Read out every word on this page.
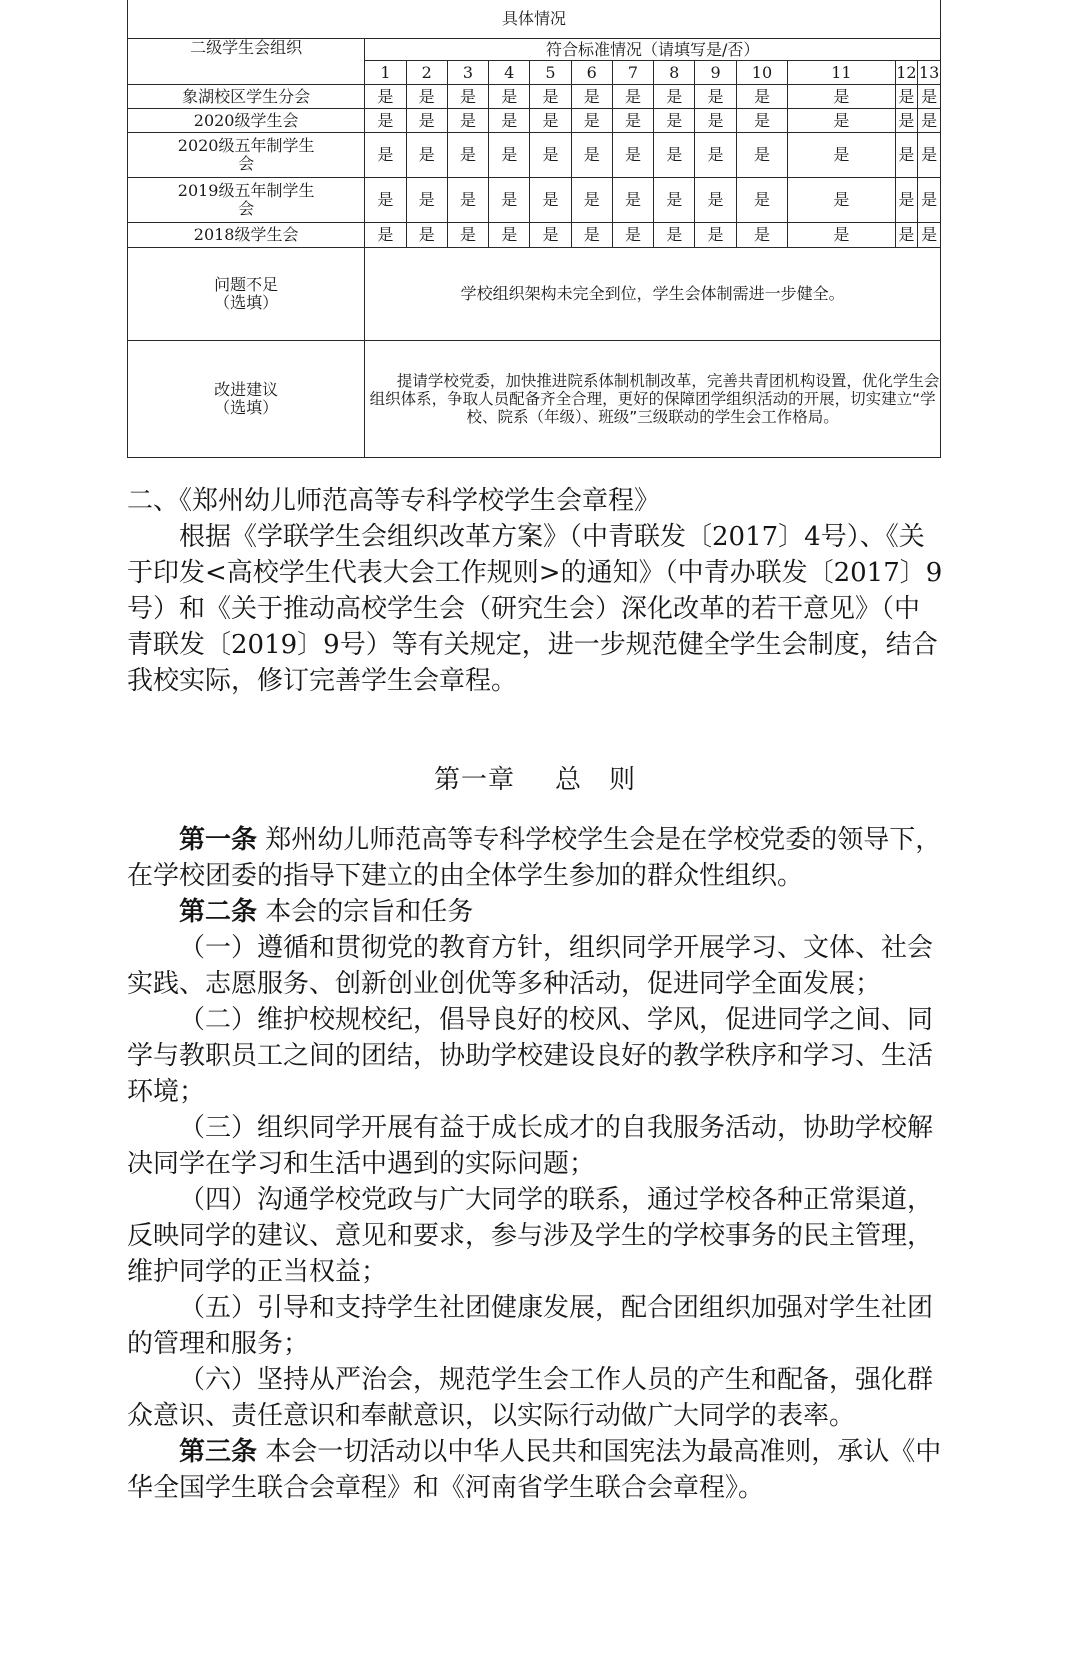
具体情况													
二级学生会组织	符合标准情况（请填写是/否）												
	1	2	3	4	5	6	7	8	9	10	11	12	13
象湖校区学生分会	是	是	是	是	是	是	是	是	是	是	是	是	是
2020级学生会	是	是	是	是	是	是	是	是	是	是	是	是	是
2020级五年制学生会	是	是	是	是	是	是	是	是	是	是	是	是	是
2019级五年制学生会	是	是	是	是	是	是	是	是	是	是	是	是	是
2018级学生会	是	是	是	是	是	是	是	是	是	是	是	是	是
问题不足（选填）	学校组织架构未完全到位，学生会体制需进一步健全。												
改进建议（选填）	提请学校党委，加快推进院系体制机制改革，完善共青团机构设置，优化学生会组织体系，争取人员配备齐全合理，更好的保障团学组织活动的开展，切实建立“学校、院系（年级）、班级”三级联动的学生会工作格局。												

二、《郑州幼儿师范高等专科学校学生会章程》

根据《学联学生会组织改革方案》（中青联发〔2017〕4号）、《关于印发<高校学生代表大会工作规则>的通知》（中青办联发〔2017〕9号）和《关于推动高校学生会（研究生会）深化改革的若干意见》（中青联发〔2019〕9号）等有关规定，进一步规范健全学生会制度，结合我校实际，修订完善学生会章程。

第一章 总　则

第一条 郑州幼儿师范高等专科学校学生会是在学校党委的领导下，在学校团委的指导下建立的由全体学生参加的群众性组织。

第二条 本会的宗旨和任务

（一）遵循和贯彻党的教育方针，组织同学开展学习、文体、社会实践、志愿服务、创新创业创优等多种活动，促进同学全面发展；

（二）维护校规校纪，倡导良好的校风、学风，促进同学之间、同学与教职员工之间的团结，协助学校建设良好的教学秩序和学习、生活环境；

（三）组织同学开展有益于成长成才的自我服务活动，协助学校解决同学在学习和生活中遇到的实际问题；

（四）沟通学校党政与广大同学的联系，通过学校各种正常渠道，反映同学的建议、意见和要求，参与涉及学生的学校事务的民主管理，维护同学的正当权益；

（五）引导和支持学生社团健康发展，配合团组织加强对学生社团的管理和服务；

（六）坚持从严治会，规范学生会工作人员的产生和配备，强化群众意识、责任意识和奉献意识，以实际行动做广大同学的表率。

第三条 本会一切活动以中华人民共和国宪法为最高准则，承认《中华全国学生联合会章程》和《河南省学生联合会章程》。
